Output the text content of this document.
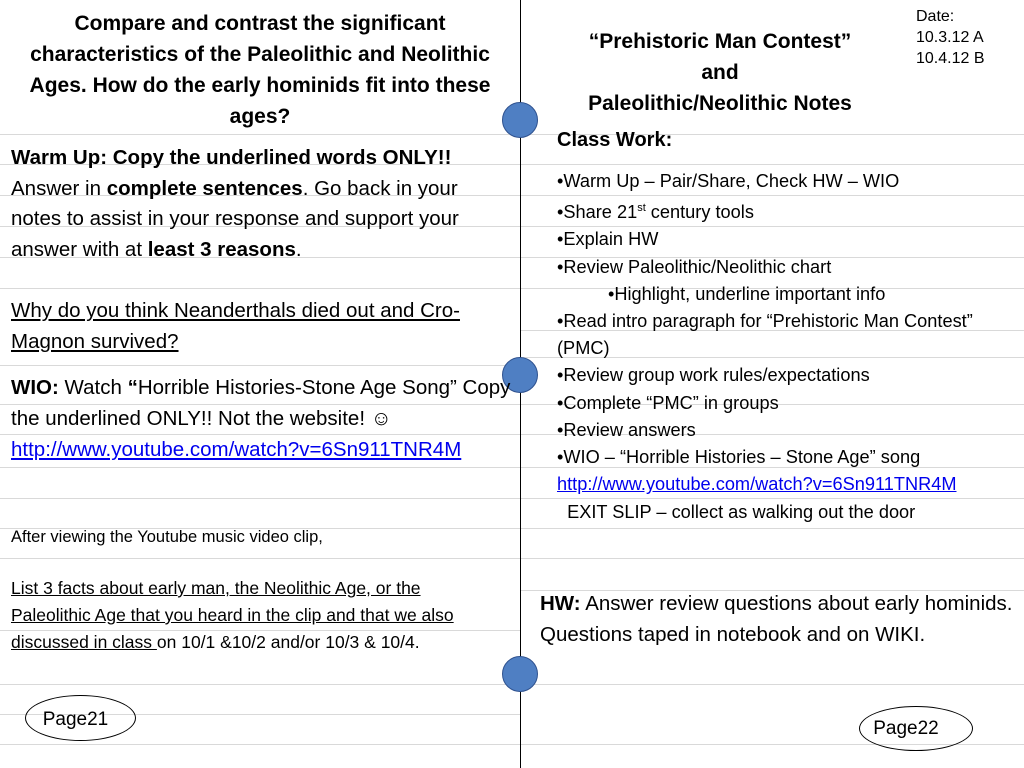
Compare and contrast the significant characteristics of the Paleolithic and Neolithic Ages. How do the early hominids fit into these ages?
Warm Up: Copy the underlined words ONLY!!
Answer in complete sentences. Go back in your notes to assist in your response and support your answer with at least 3 reasons.
Why do you think Neanderthals died out and Cro-Magnon survived?
WIO: Watch “Horrible Histories-Stone Age Song” Copy the underlined ONLY!! Not the website! ☺
http://www.youtube.com/watch?v=6Sn911TNR4M
After viewing the Youtube music video clip,
List 3 facts about early man, the Neolithic Age, or the Paleolithic Age that you heard in the clip and that we also discussed in class on 10/1 &10/2 and/or 10/3 & 10/4.
Page21
“Prehistoric Man Contest”
and
Paleolithic/Neolithic Notes
Date:
10.3.12 A
10.4.12 B
Class Work:
•Warm Up – Pair/Share, Check HW – WIO
•Share 21st century tools
•Explain HW
•Review Paleolithic/Neolithic chart
•Highlight, underline important info
•Read intro paragraph for “Prehistoric Man Contest” (PMC)
•Review group work rules/expectations
•Complete “PMC” in groups
•Review answers
•WIO – “Horrible Histories – Stone Age” song
http://www.youtube.com/watch?v=6Sn911TNR4M  EXIT SLIP – collect as walking out the door
HW: Answer review questions about early hominids. Questions taped in notebook and on WIKI.
Page22
